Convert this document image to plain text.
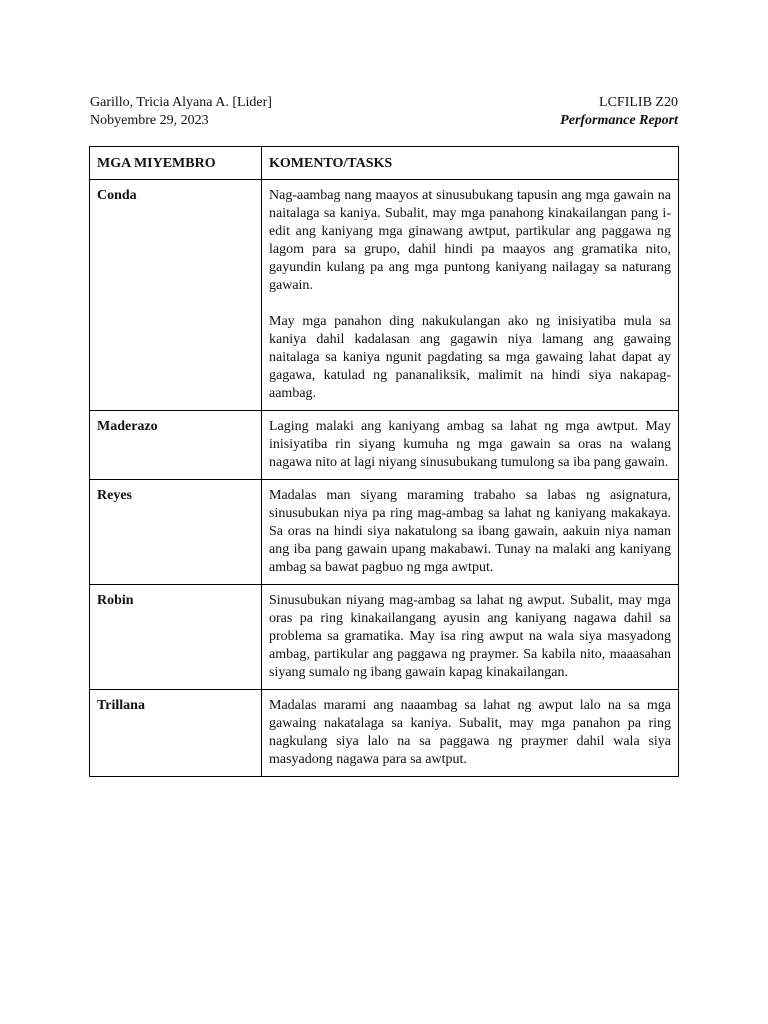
Garillo, Tricia Alyana A. [Lider]
Nobyembre 29, 2023
LCFILIB Z20
Performance Report
MGA MIYEMBRO	KOMENTO/TASKS
Conda	Nag-aambag nang maayos at sinusubukang tapusin ang mga gawain na naitalaga sa kaniya. Subalit, may mga panahong kinakailangan pang i-edit ang kaniyang mga ginawang awtput, partikular ang paggawa ng lagom para sa grupo, dahil hindi pa maayos ang gramatika nito, gayundin kulang pa ang mga puntong kaniyang nailagay sa naturang gawain.

May mga panahon ding nakukulangan ako ng inisiyatiba mula sa kaniya dahil kadalasan ang gagawin niya lamang ang gawaing naitalaga sa kaniya ngunit pagdating sa mga gawaing lahat dapat ay gagawa, katulad ng pananaliksik, malimit na hindi siya nakapag-aambag.

Maderazo	Laging malaki ang kaniyang ambag sa lahat ng mga awtput. May inisiyatiba rin siyang kumuha ng mga gawain sa oras na walang nagawa nito at lagi niyang sinusubukang tumulong sa iba pang gawain.

Reyes	Madalas man siyang maraming trabaho sa labas ng asignatura, sinusubukan niya pa ring mag-ambag sa lahat ng kaniyang makakaya. Sa oras na hindi siya nakatulong sa ibang gawain, aakuin niya naman ang iba pang gawain upang makabawi. Tunay na malaki ang kaniyang ambag sa bawat pagbuo ng mga awtput.

Robin	Sinusubukan niyang mag-ambag sa lahat ng awput. Subalit, may mga oras pa ring kinakailangang ayusin ang kaniyang nagawa dahil sa problema sa gramatika. May isa ring awput na wala siya masyadong ambag, partikular ang paggawa ng praymer. Sa kabila nito, maaasahan siyang sumalo ng ibang gawain kapag kinakailangan.

Trillana	Madalas marami ang naaambag sa lahat ng awput lalo na sa mga gawaing nakatalaga sa kaniya. Subalit, may mga panahon pa ring nagkulang siya lalo na sa paggawa ng praymer dahil wala siya masyadong nagawa para sa awtput.
